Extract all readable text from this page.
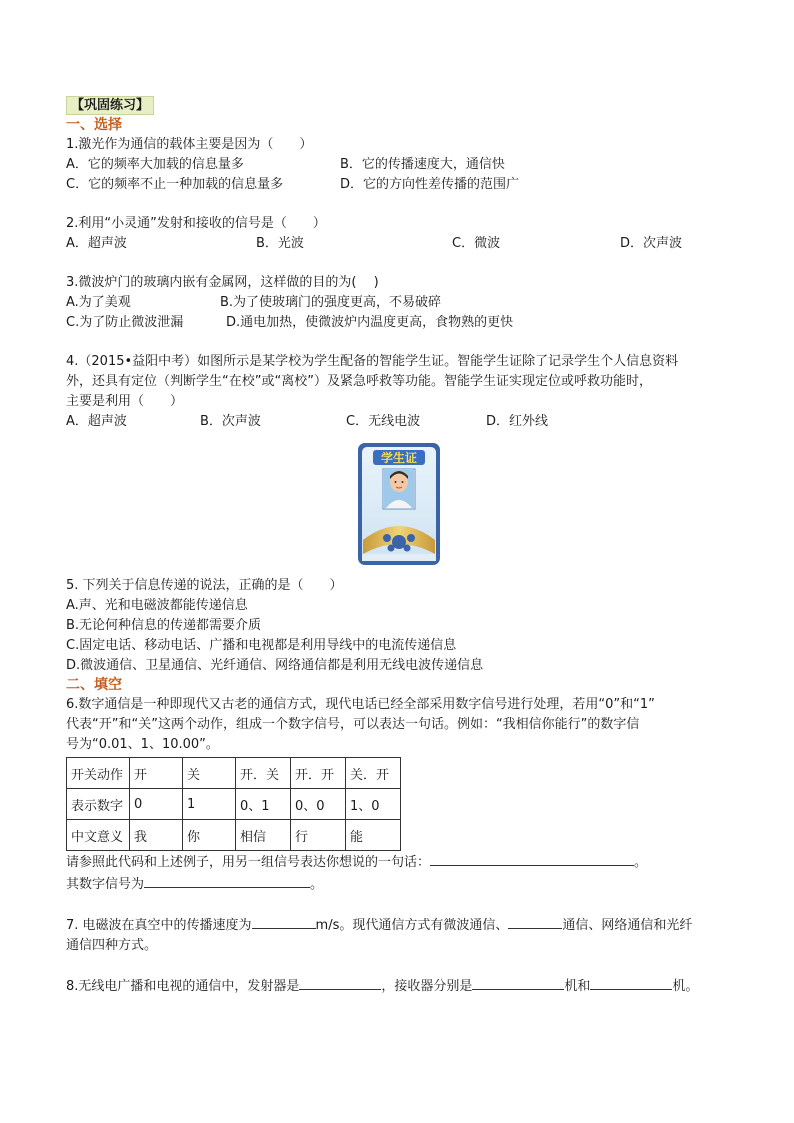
【巩固练习】
一、选择
1.激光作为通信的载体主要是因为（　　）
A．它的频率大加载的信息量多	B．它的传播速度大，通信快
C．它的频率不止一种加载的信息量多	D．它的方向性差传播的范围广
2.利用“小灵通”发射和接收的信号是（　　）
A．超声波	B．光波	C．微波	D．次声波
3.微波炉门的玻璃内嵌有金属网，这样做的目的为(　 )
A.为了美观	B.为了使玻璃门的强度更高，不易破碎
C.为了防止微波泄漏	D.通电加热，使微波炉内温度更高，食物熟的更快
4.（2015•益阳中考）如图所示是某学校为学生配备的智能学生证。智能学生证除了记录学生个人信息资料
外，还具有定位（判断学生“在校”或“离校”）及紧急呼救等功能。智能学生证实现定位或呼救功能时，
主要是利用（　　）
A．超声波	B．次声波	C．无线电波	D．红外线
学生证
5. 下列关于信息传递的说法，正确的是（　　）
A.声、光和电磁波都能传递信息
B.无论何种信息的传递都需要介质
C.固定电话、移动电话、广播和电视都是利用导线中的电流传递信息
D.微波通信、卫星通信、光纤通信、网络通信都是利用无线电波传递信息
二、填空
6.数字通信是一种即现代又古老的通信方式，现代电话已经全部采用数字信号进行处理，若用“0”和“1”
代表“开”和“关”这两个动作，组成一个数字信号，可以表达一句话。例如：“我相信你能行”的数字信
号为“0.01、1、10.00”。
开关动作	开	关	开．关	开．开	关．开
表示数字	0	1	0、1	0、0	1、0
中文意义	我	你	相信	行	能
请参照此代码和上述例子，用另一组信号表达你想说的一句话：	。
其数字信号为	。
7. 电磁波在真空中的传播速度为	m/s。现代通信方式有微波通信、	通信、网络通信和光纤
通信四种方式。
8.无线电广播和电视的通信中，发射器是	，接收器分别是	机和	机。
